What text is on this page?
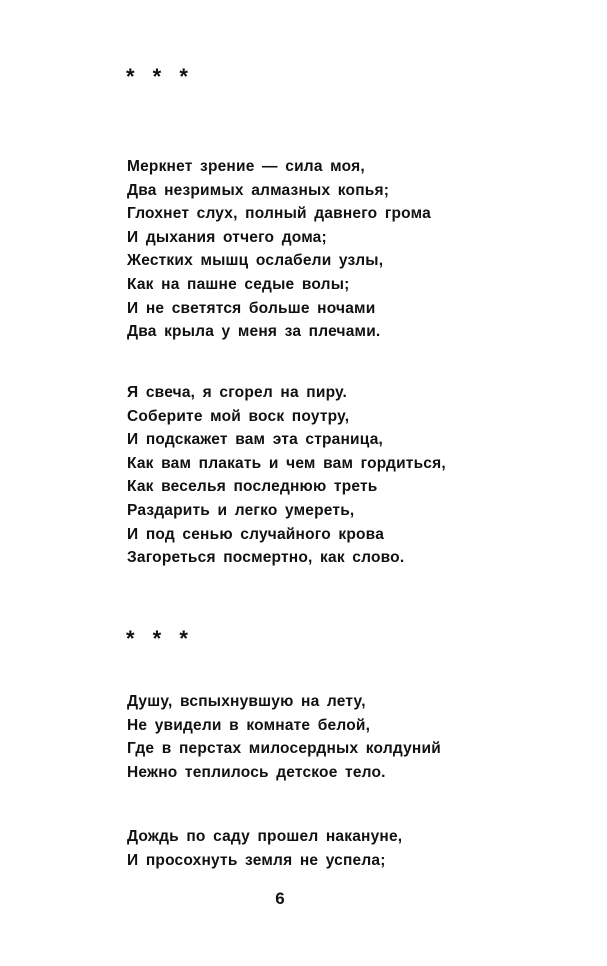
* * *
Меркнет зрение — сила моя,
Два незримых алмазных копья;
Глохнет слух, полный давнего грома
И дыхания отчего дома;
Жестких мышц ослабели узлы,
Как на пашне седые волы;
И не светятся больше ночами
Два крыла у меня за плечами.
Я свеча, я сгорел на пиру.
Соберите мой воск поутру,
И подскажет вам эта страница,
Как вам плакать и чем вам гордиться,
Как веселья последнюю треть
Раздарить и легко умереть,
И под сенью случайного крова
Загореться посмертно, как слово.
* * *
Душу, вспыхнувшую на лету,
Не увидели в комнате белой,
Где в перстах милосердных колдуний
Нежно теплилось детское тело.
Дождь по саду прошел накануне,
И просохнуть земля не успела;
6
